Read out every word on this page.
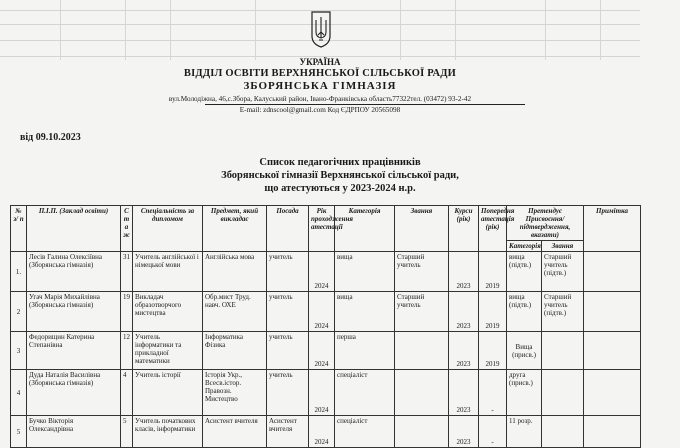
УКРАЇНА
ВІДДІЛ ОСВІТИ ВЕРХНЯНСЬКОЇ СІЛЬСЬКОЇ РАДИ
ЗБОРЯНСЬКА ГІМНАЗІЯ
вул.Молодіжна, 46,с.Збора, Калуський район, Івано-Франківська область77322тел. (03472) 93-2-42
E-mail: zdnscool@gmail.com Код ЄДРПОУ 20565098
від 09.10.2023
Список педагогічних працівників
Зборянської гімназії Верхнянської сільської ради,
що атестуються у 2023-2024 н.р.
№ з/ п	П.І.П. (Заклад освіти)	С т а ж	Спеціальність за дипломом	Предмет, який викладає	Посада	Рік проходження атестації	Категорія	Звання	Курси (рік)	Попередня атестація (рік)	Претендує Присвоєння/підтвердження, вказати)		Примітка
											Категорія	Звання	
1.	Лесів Галина Олексіївна (Зборянська гімназія)	31	Учитель англійської і німецької мови	Англійська мова	учитель	2024	вища	Старший учитель	2023	2019	вища (підтв.)	Старший учитель (підтв.)	
2	Угач Марія Михайлівна (Зборянська гімназія)	19	Викладач образотворчого мистецтва	Обр.мист Труд. навч. ОХЕ	учитель	2024	вища	Старший учитель	2023	2019	вища (підтв.)	Старший учитель (підтв.)	
3	Федорищин Катерина Степанівна	12	Учитель інформатики та прикладної математики	Інформатика Фізика	учитель	2024	перша		2023	2019	Вища (присв.)		
4	Дуда Наталія Василівна (Зборянська гімназія)	4	Учитель історії	Історія Укр., Всесв.істор. Правозн. Мистецтво	учитель	2024	спеціаліст		2023	-	друга (присв.)		
5	Бучко Вікторія Олександрівна	5	Учитель початкових класів, інформатики	Асистент вчителя	Асистент вчителя	2024	спеціаліст		2023	-	11 розр.		
